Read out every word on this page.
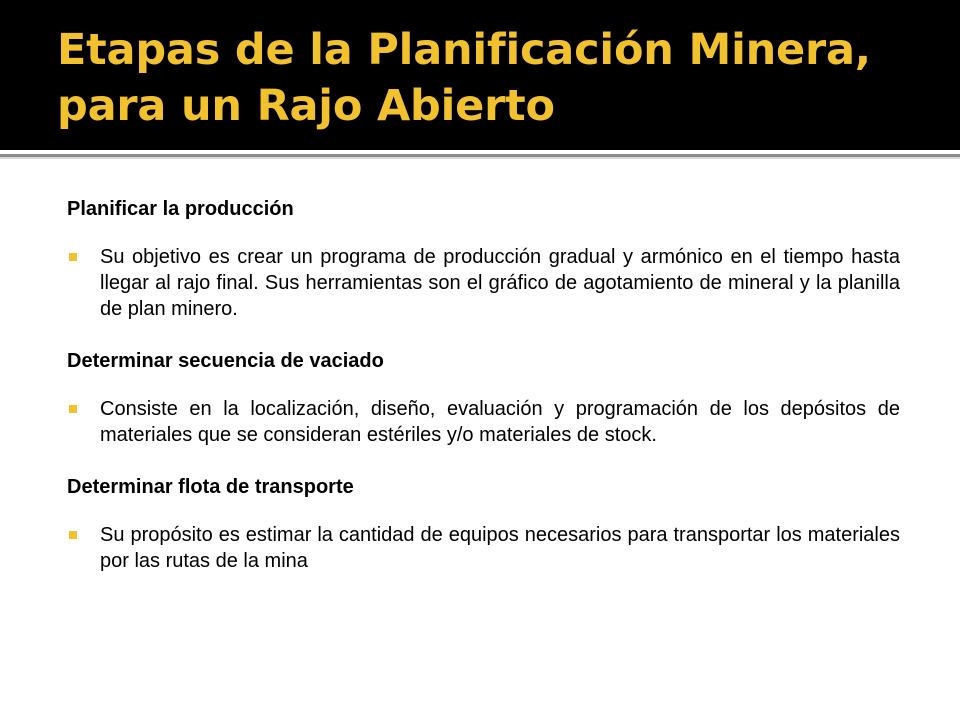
Etapas de la Planificación Minera,
para un Rajo Abierto

Planificar la producción

Su objetivo es crear un programa de producción gradual y armónico en el tiempo hasta llegar al rajo final. Sus herramientas son el gráfico de agotamiento de mineral y la planilla de plan minero.

Determinar secuencia de vaciado

Consiste en la localización, diseño, evaluación y programación de los depósitos de materiales que se consideran estériles y/o materiales de stock.

Determinar flota de transporte

Su propósito es estimar la cantidad de equipos necesarios para transportar los materiales por las rutas de la mina
